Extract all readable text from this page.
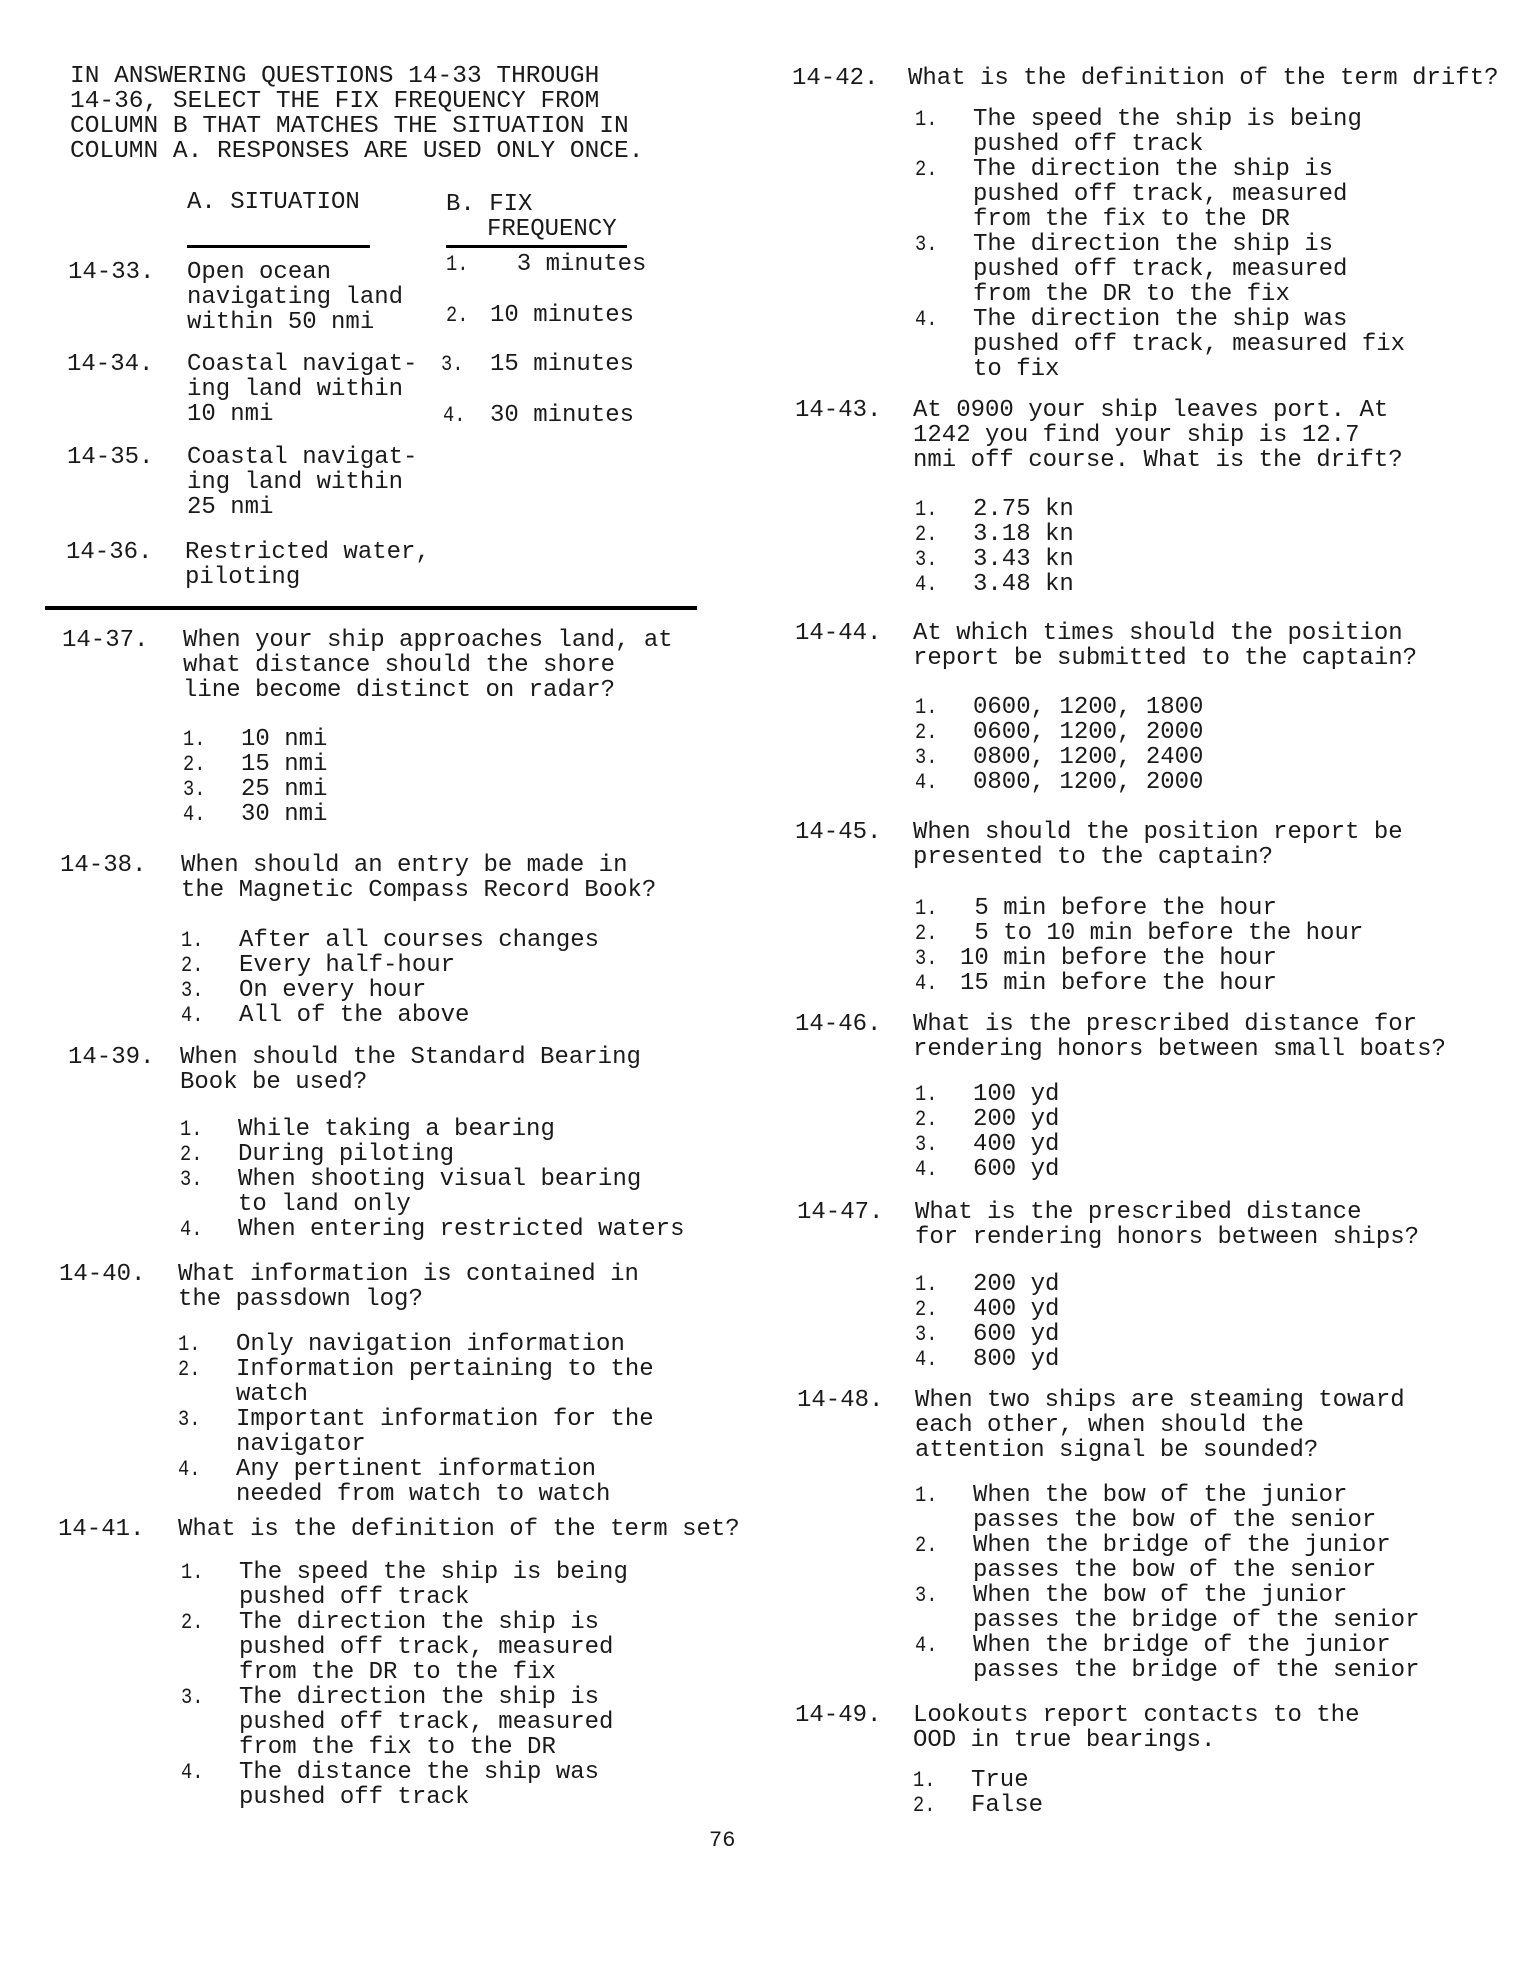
IN ANSWERING QUESTIONS 14-33 THROUGH
14-36, SELECT THE FIX FREQUENCY FROM
COLUMN B THAT MATCHES THE SITUATION IN
COLUMN A. RESPONSES ARE USED ONLY ONCE.
A. SITUATION	B. FIX
FREQUENCY
14-33. Open ocean
navigating land
within 50 nmi
14-34. Coastal navigat-
ing land within
10 nmi
14-35. Coastal navigat-
ing land within
25 nmi
14-36. Restricted water,
piloting
1. 3 minutes
2. 10 minutes
3. 15 minutes
4. 30 minutes
14-37. When your ship approaches land, at
what distance should the shore
line become distinct on radar?
1. 10 nmi
2. 15 nmi
3. 25 nmi
4. 30 nmi
14-38. When should an entry be made in
the Magnetic Compass Record Book?
1. After all courses changes
2. Every half-hour
3. On every hour
4. All of the above
14-39. When should the Standard Bearing
Book be used?
1. While taking a bearing
2. During piloting
3. When shooting visual bearing
to land only
4. When entering restricted waters
14-40. What information is contained in
the passdown log?
1. Only navigation information
2. Information pertaining to the
watch
3. Important information for the
navigator
4. Any pertinent information
needed from watch to watch
14-41. What is the definition of the term set?
1. The speed the ship is being
pushed off track
2. The direction the ship is
pushed off track, measured
from the DR to the fix
3. The direction the ship is
pushed off track, measured
from the fix to the DR
4. The distance the ship was
pushed off track
14-42. What is the definition of the term drift?
1. The speed the ship is being
pushed off track
2. The direction the ship is
pushed off track, measured
from the fix to the DR
3. The direction the ship is
pushed off track, measured
from the DR to the fix
4. The direction the ship was
pushed off track, measured fix
to fix
14-43. At 0900 your ship leaves port. At
1242 you find your ship is 12.7
nmi off course. What is the drift?
1. 2.75 kn
2. 3.18 kn
3. 3.43 kn
4. 3.48 kn
14-44. At which times should the position
report be submitted to the captain?
1. 0600, 1200, 1800
2. 0600, 1200, 2000
3. 0800, 1200, 2400
4. 0800, 1200, 2000
14-45. When should the position report be
presented to the captain?
1. 5 min before the hour
2. 5 to 10 min before the hour
3. 10 min before the hour
4. 15 min before the hour
14-46. What is the prescribed distance for
rendering honors between small boats?
1. 100 yd
2. 200 yd
3. 400 yd
4. 600 yd
14-47. What is the prescribed distance
for rendering honors between ships?
1. 200 yd
2. 400 yd
3. 600 yd
4. 800 yd
14-48. When two ships are steaming toward
each other, when should the
attention signal be sounded?
1. When the bow of the junior
passes the bow of the senior
2. When the bridge of the junior
passes the bow of the senior
3. When the bow of the junior
passes the bridge of the senior
4. When the bridge of the junior
passes the bridge of the senior
14-49. Lookouts report contacts to the
OOD in true bearings.
1. True
2. False
76
